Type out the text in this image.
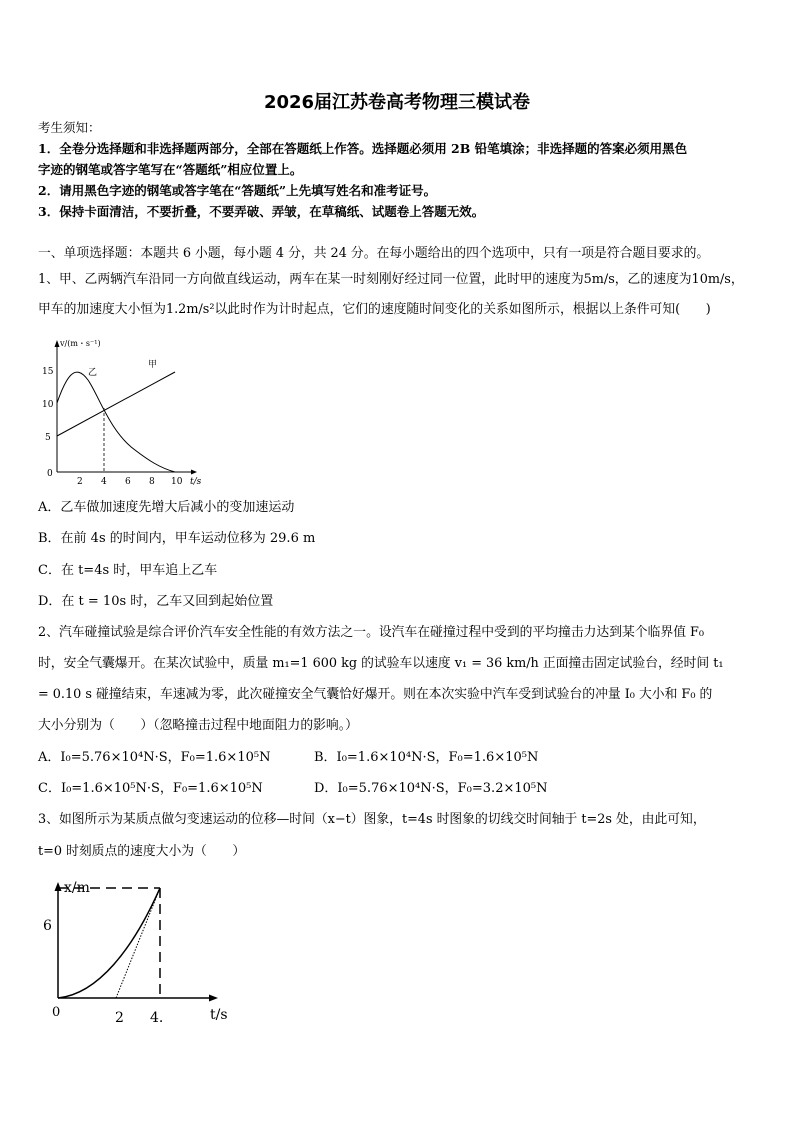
2026届江苏卷高考物理三模试卷
考生须知：
1．全卷分选择题和非选择题两部分，全部在答题纸上作答。选择题必须用 2B 铅笔填涂；非选择题的答案必须用黑色
字迹的钢笔或答字笔写在“答题纸”相应位置上。
2．请用黑色字迹的钢笔或答字笔在“答题纸”上先填写姓名和准考证号。
3．保持卡面清洁，不要折叠，不要弄破、弄皱，在草稿纸、试题卷上答题无效。
一、单项选择题：本题共 6 小题，每小题 4 分，共 24 分。在每小题给出的四个选项中，只有一项是符合题目要求的。
1、甲、乙两辆汽车沿同一方向做直线运动，两车在某一时刻刚好经过同一位置，此时甲的速度为5m/s，乙的速度为10m/s，
甲车的加速度大小恒为1.2m/s²以此时作为计时起点，它们的速度随时间变化的关系如图所示，根据以上条件可知(　　)
v/(m・s⁻¹)
t/s
0
15
10
5
2 4 6 8 10
甲
乙
A．乙车做加速度先增大后减小的变加速运动
B．在前 4s 的时间内，甲车运动位移为 29.6 m
C．在 t=4s 时，甲车追上乙车
D．在 t = 10s 时，乙车又回到起始位置
2、汽车碰撞试验是综合评价汽车安全性能的有效方法之一。设汽车在碰撞过程中受到的平均撞击力达到某个临界值 F₀
时，安全气囊爆开。在某次试验中，质量 m₁=1 600 kg 的试验车以速度 v₁ = 36 km/h 正面撞击固定试验台，经时间 t₁
= 0.10 s 碰撞结束，车速减为零，此次碰撞安全气囊恰好爆开。则在本次实验中汽车受到试验台的冲量 I₀ 大小和 F₀ 的
大小分别为（　　）（忽略撞击过程中地面阻力的影响。）
A．I₀=5.76×10⁴N·S，F₀=1.6×10⁵N	B．I₀=1.6×10⁴N·S，F₀=1.6×10⁵N
C．I₀=1.6×10⁵N·S，F₀=1.6×10⁵N	D．I₀=5.76×10⁴N·S，F₀=3.2×10⁵N
3、如图所示为某质点做匀变速运动的位移—时间（x−t）图象，t=4s 时图象的切线交时间轴于 t=2s 处，由此可知，
t=0 时刻质点的速度大小为（　　）
x/m
t/s
0
6
2 4.
